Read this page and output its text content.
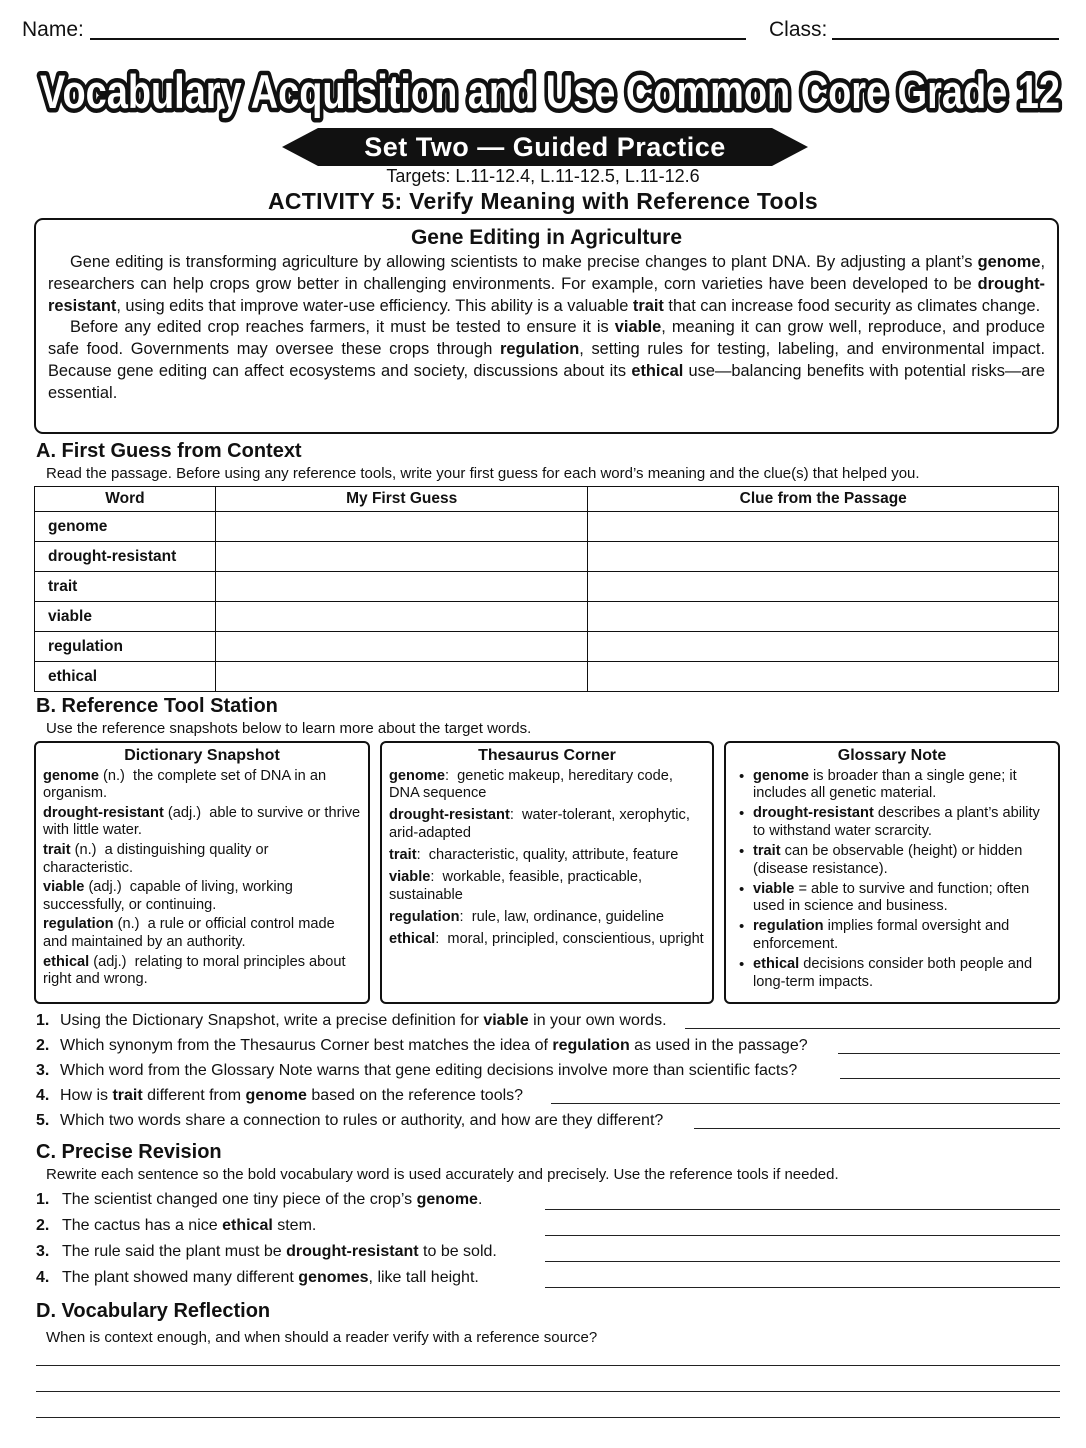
Name:	Class:
Vocabulary Acquisition and Use Common Core Grade 12
Set Two — Guided Practice
Targets: L.11-12.4, L.11-12.5, L.11-12.6
ACTIVITY 5: Verify Meaning with Reference Tools
Gene Editing in Agriculture

Gene editing is transforming agriculture by allowing scientists to make precise changes to plant DNA. By adjusting a plant’s genome, researchers can help crops grow better in challenging environments. For example, corn varieties have been developed to be drought-resistant, using edits that improve water-use efficiency. This ability is a valuable trait that can increase food security as climates change.

Before any edited crop reaches farmers, it must be tested to ensure it is viable, meaning it can grow well, reproduce, and produce safe food. Governments may oversee these crops through regulation, setting rules for testing, labeling, and environmental impact. Because gene editing can affect ecosystems and society, discussions about its ethical use—balancing benefits with potential risks—are essential.

A. First Guess from Context
Read the passage. Before using any reference tools, write your first guess for each word’s meaning and the clue(s) that helped you.
Word	My First Guess	Clue from the Passage
genome		
drought-resistant		
trait		
viable		
regulation		
ethical		
B. Reference Tool Station
Use the reference snapshots below to learn more about the target words.
Dictionary Snapshot
genome (n.) the complete set of DNA in an organism.
drought-resistant (adj.) able to survive or thrive with little water.
trait (n.) a distinguishing quality or characteristic.
viable (adj.) capable of living, working successfully, or continuing.
regulation (n.) a rule or official control made and maintained by an authority.
ethical (adj.) relating to moral principles about right and wrong.
Thesaurus Corner
genome:  genetic makeup, hereditary code, DNA sequence
drought-resistant:  water-tolerant, xerophytic, arid-adapted
trait:  characteristic, quality, attribute, feature
viable:  workable, feasible, practicable, sustainable
regulation:  rule, law, ordinance, guideline
ethical:  moral, principled, conscientious, upright
Glossary Note
• genome is broader than a single gene; it includes all genetic material.
• drought-resistant describes a plant’s ability to withstand water scrarcity.
• trait can be observable (height) or hidden (disease resistance).
• viable = able to survive and function; often used in science and business.
• regulation implies formal oversight and enforcement.
• ethical decisions consider both people and long-term impacts.
1. Using the Dictionary Snapshot, write a precise definition for viable in your own words.
2. Which synonym from the Thesaurus Corner best matches the idea of regulation as used in the passage?
3. Which word from the Glossary Note warns that gene editing decisions involve more than scientific facts?
4. How is trait different from genome based on the reference tools?
5. Which two words share a connection to rules or authority, and how are they different?
C. Precise Revision
Rewrite each sentence so the bold vocabulary word is used accurately and precisely. Use the reference tools if needed.
1. The scientist changed one tiny piece of the crop’s genome.
2. The cactus has a nice ethical stem.
3. The rule said the plant must be drought-resistant to be sold.
4. The plant showed many different genomes, like tall height.
D. Vocabulary Reflection
When is context enough, and when should a reader verify with a reference source?
